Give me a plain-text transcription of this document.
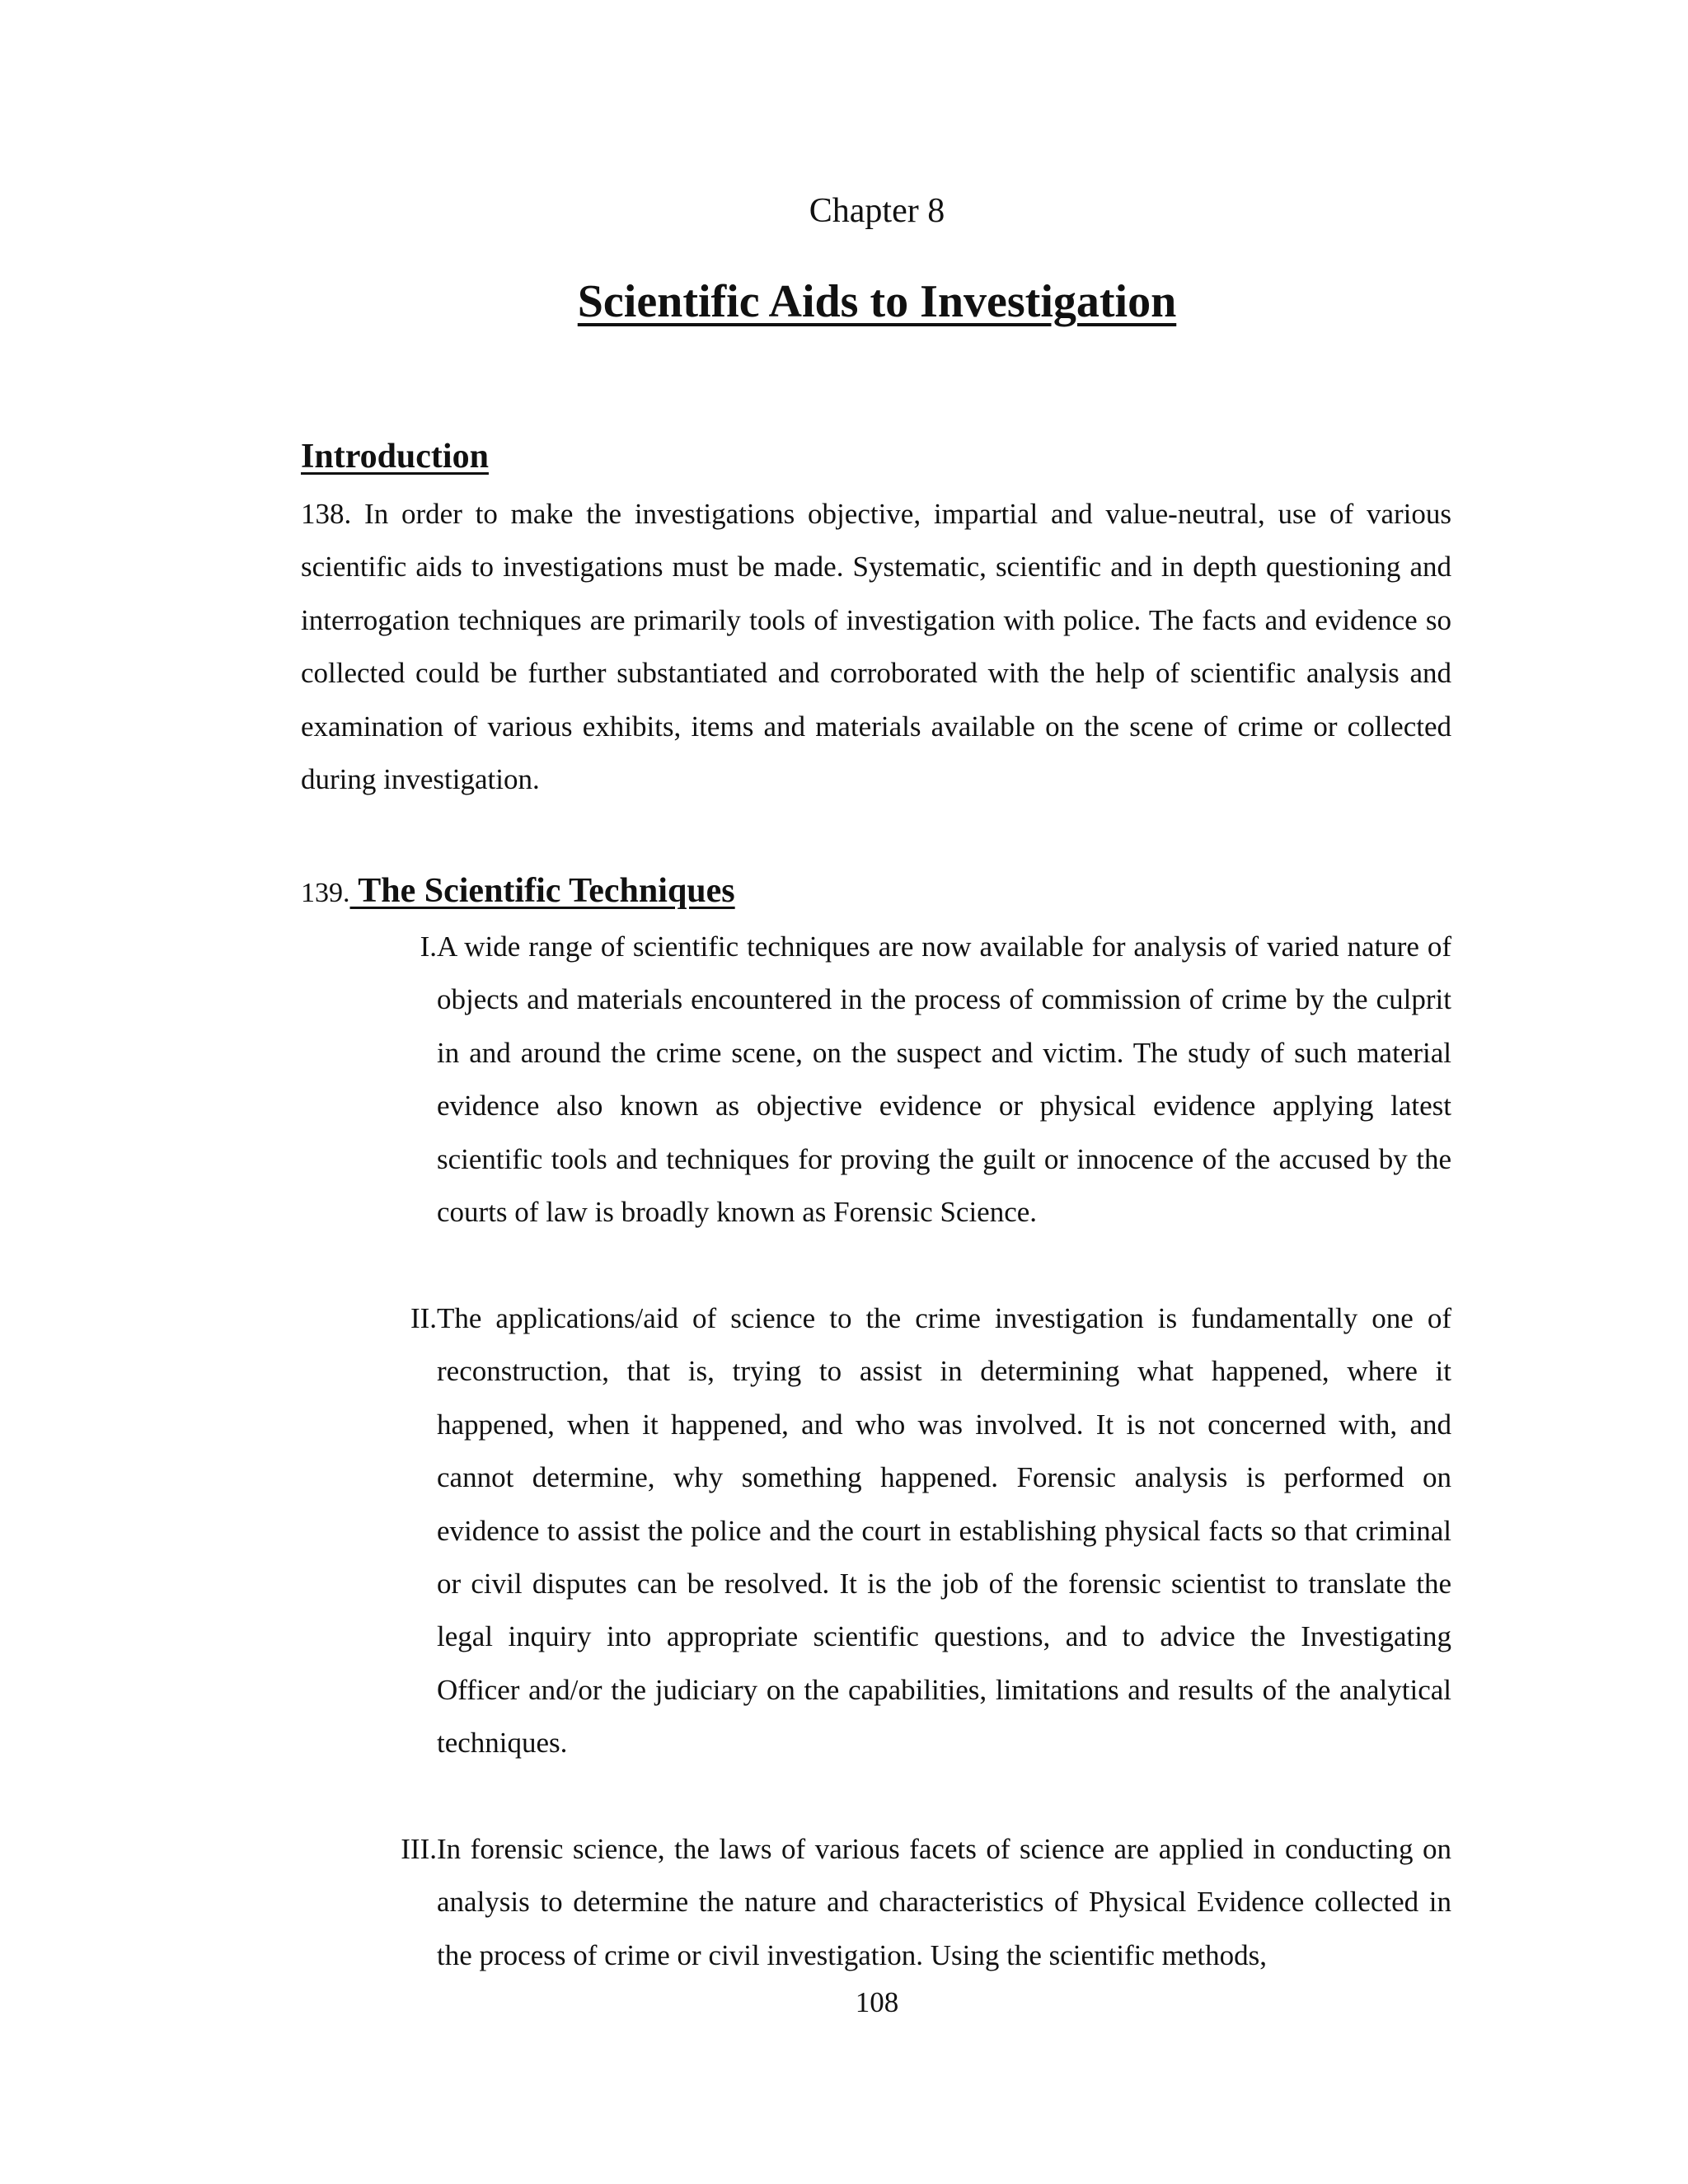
Chapter 8
Scientific Aids to Investigation
Introduction

138. In order to make the investigations objective, impartial and value-neutral, use of various scientific aids to investigations must be made. Systematic, scientific and in depth questioning and interrogation techniques are primarily tools of investigation with police. The facts and evidence so collected could be further substantiated and corroborated with the help of scientific analysis and examination of various exhibits, items and materials available on the scene of crime or collected during investigation.

139. The Scientific Techniques

I. A wide range of scientific techniques are now available for analysis of varied nature of objects and materials encountered in the process of commission of crime by the culprit in and around the crime scene, on the suspect and victim. The study of such material evidence also known as objective evidence or physical evidence applying latest scientific tools and techniques for proving the guilt or innocence of the accused by the courts of law is broadly known as Forensic Science.

II. The applications/aid of science to the crime investigation is fundamentally one of reconstruction, that is, trying to assist in determining what happened, where it happened, when it happened, and who was involved. It is not concerned with, and cannot determine, why something happened. Forensic analysis is performed on evidence to assist the police and the court in establishing physical facts so that criminal or civil disputes can be resolved. It is the job of the forensic scientist to translate the legal inquiry into appropriate scientific questions, and to advice the Investigating Officer and/or the judiciary on the capabilities, limitations and results of the analytical techniques.

III. In forensic science, the laws of various facets of science are applied in conducting on analysis to determine the nature and characteristics of Physical Evidence collected in the process of crime or civil investigation. Using the scientific methods,

108
